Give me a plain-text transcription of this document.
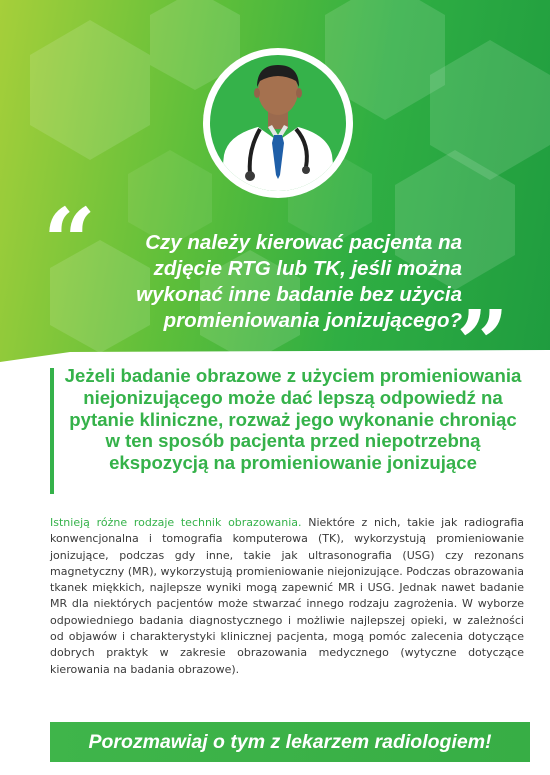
“	Czy należy kierować pacjenta na zdjęcie RTG lub TK, jeśli można wykonać inne badanie bez użycia promieniowania jonizującego?

”

Jeżeli badanie obrazowe z użyciem promieniowania niejonizującego może dać lepszą odpowiedź na pytanie kliniczne, rozważ jego wykonanie chroniąc w ten sposób pacjenta przed niepotrzebną ekspozycją na promieniowanie jonizujące

Istnieją różne rodzaje technik obrazowania. Niektóre z nich, takie jak radiografia konwencjonalna i tomografia komputerowa (TK), wykorzystują promieniowanie jonizujące, podczas gdy inne, takie jak ultrasonografia (USG) czy rezonans magnetyczny (MR), wykorzystują promieniowanie niejonizujące. Podczas obrazowania tkanek miękkich, najlepsze wyniki mogą zapewnić MR i USG. Jednak nawet badanie MR dla niektórych pacjentów może stwarzać innego rodzaju zagrożenia. W wyborze odpowiedniego badania diagnostycznego i możliwie najlepszej opieki, w zależności od objawów i charakterystyki klinicznej pacjenta, mogą pomóc zalecenia dotyczące dobrych praktyk w zakresie obrazowania medycznego (wytyczne dotyczące kierowania na badania obrazowe).

Porozmawiaj o tym z lekarzem radiologiem!
